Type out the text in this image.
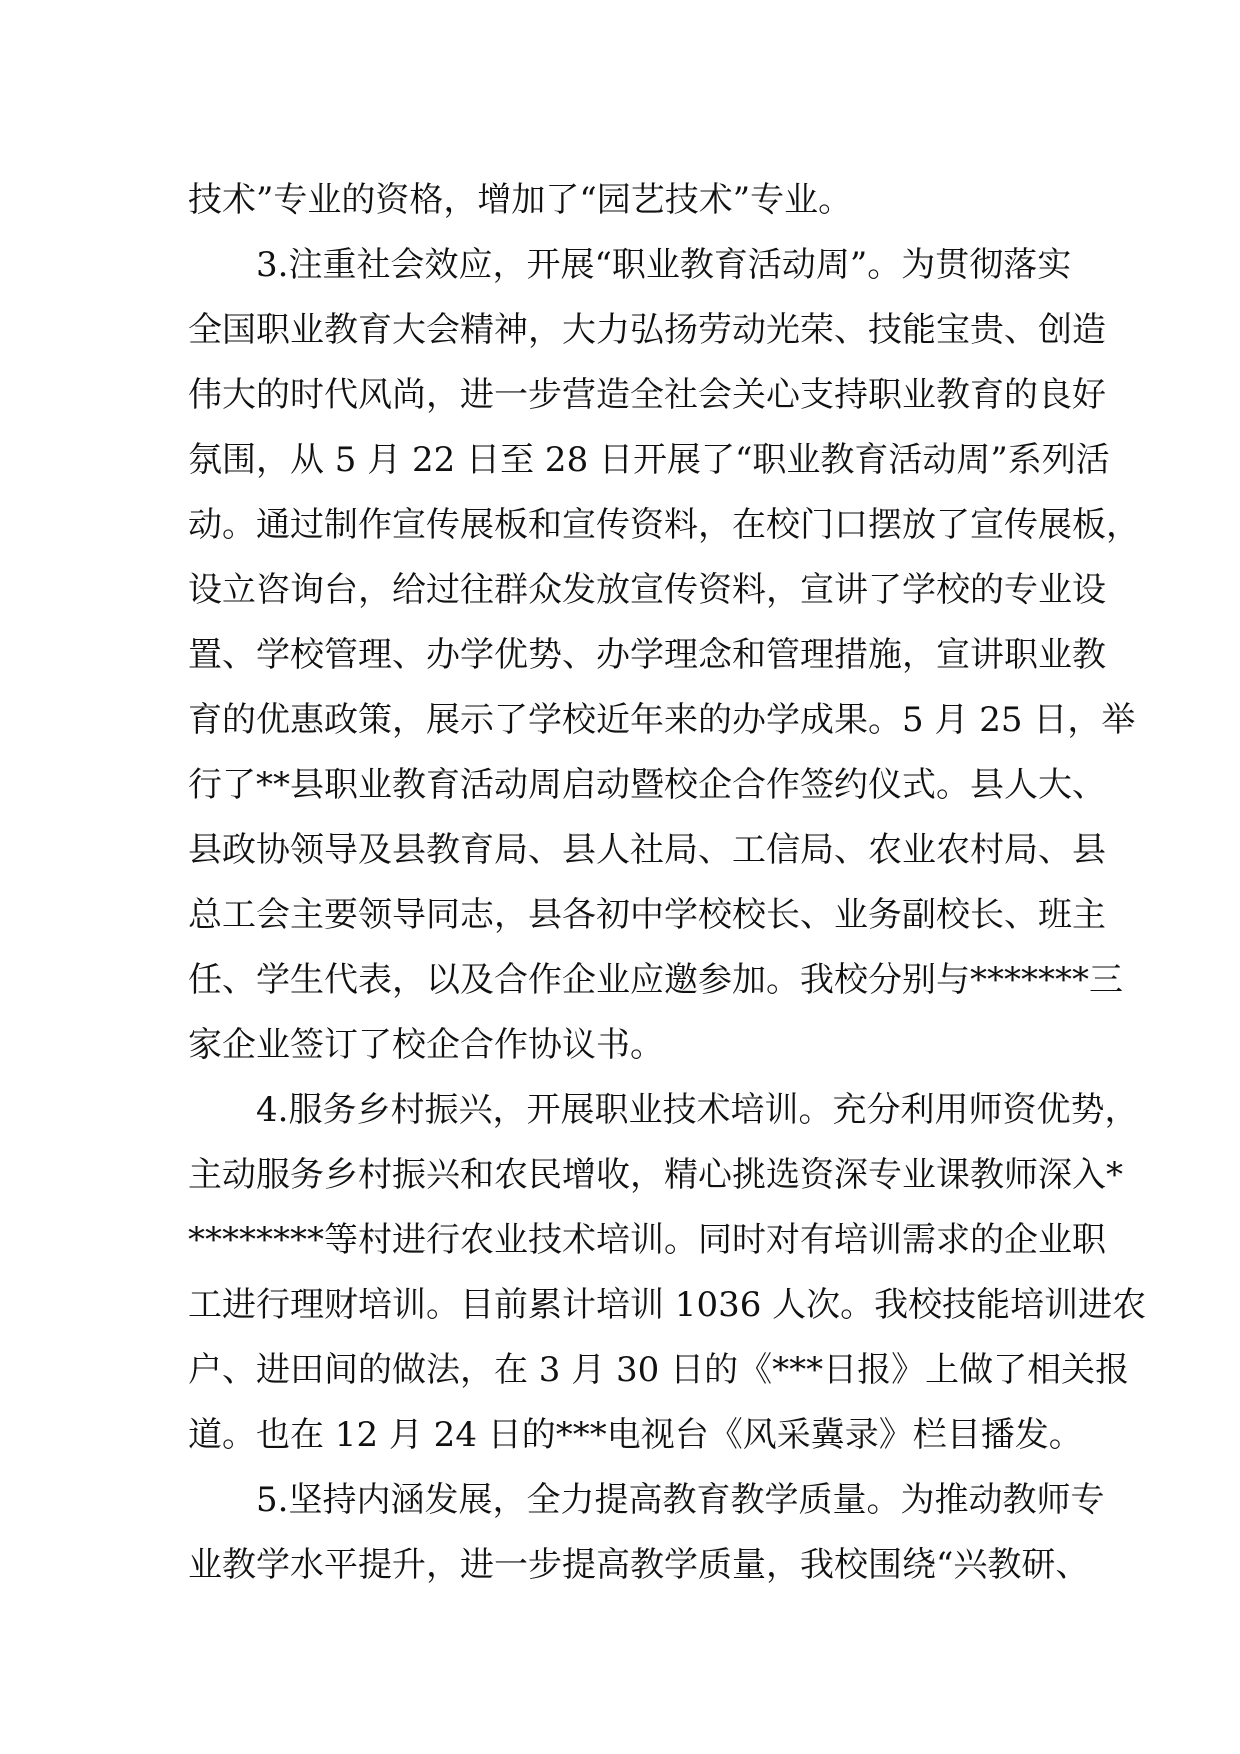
技术”专业的资格，增加了“园艺技术”专业。
3.注重社会效应，开展“职业教育活动周”。为贯彻落实
全国职业教育大会精神，大力弘扬劳动光荣、技能宝贵、创造
伟大的时代风尚，进一步营造全社会关心支持职业教育的良好
氛围，从 5 月 22 日至 28 日开展了“职业教育活动周”系列活
动。通过制作宣传展板和宣传资料，在校门口摆放了宣传展板，
设立咨询台，给过往群众发放宣传资料，宣讲了学校的专业设
置、学校管理、办学优势、办学理念和管理措施，宣讲职业教
育的优惠政策，展示了学校近年来的办学成果。5 月 25 日，举
行了**县职业教育活动周启动暨校企合作签约仪式。县人大、
县政协领导及县教育局、县人社局、工信局、农业农村局、县
总工会主要领导同志，县各初中学校校长、业务副校长、班主
任、学生代表，以及合作企业应邀参加。我校分别与*******三
家企业签订了校企合作协议书。
4.服务乡村振兴，开展职业技术培训。充分利用师资优势，
主动服务乡村振兴和农民增收，精心挑选资深专业课教师深入*
********等村进行农业技术培训。同时对有培训需求的企业职
工进行理财培训。目前累计培训 1036 人次。我校技能培训进农
户、进田间的做法，在 3 月 30 日的《***日报》上做了相关报
道。也在 12 月 24 日的***电视台《风采冀录》栏目播发。
5.坚持内涵发展，全力提高教育教学质量。为推动教师专
业教学水平提升，进一步提高教学质量，我校围绕“兴教研、
